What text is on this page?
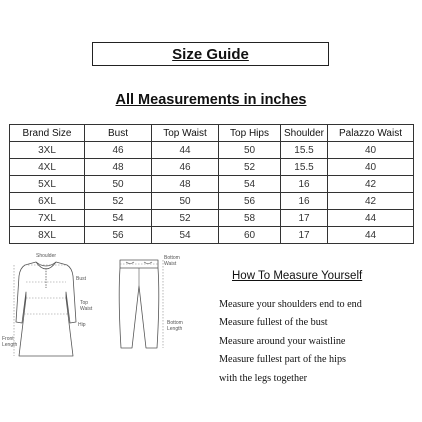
Size Guide
All Measurements in inches
Brand Size	Bust	Top Waist	Top Hips	Shoulder	Palazzo Waist
3XL	46	44	50	15.5	40
4XL	48	46	52	15.5	40
5XL	50	48	54	16	42
6XL	52	50	56	16	42
7XL	54	52	58	17	44
8XL	56	54	60	17	44
Shoulder
Bust
Top Waist
Hip
Front Length
Bottom Waist
Bottom Length
How To Measure Yourself
Measure your shoulders end to end
Measure fullest of the bust
Measure around your waistline
Measure fullest part of the hips
with the legs together
